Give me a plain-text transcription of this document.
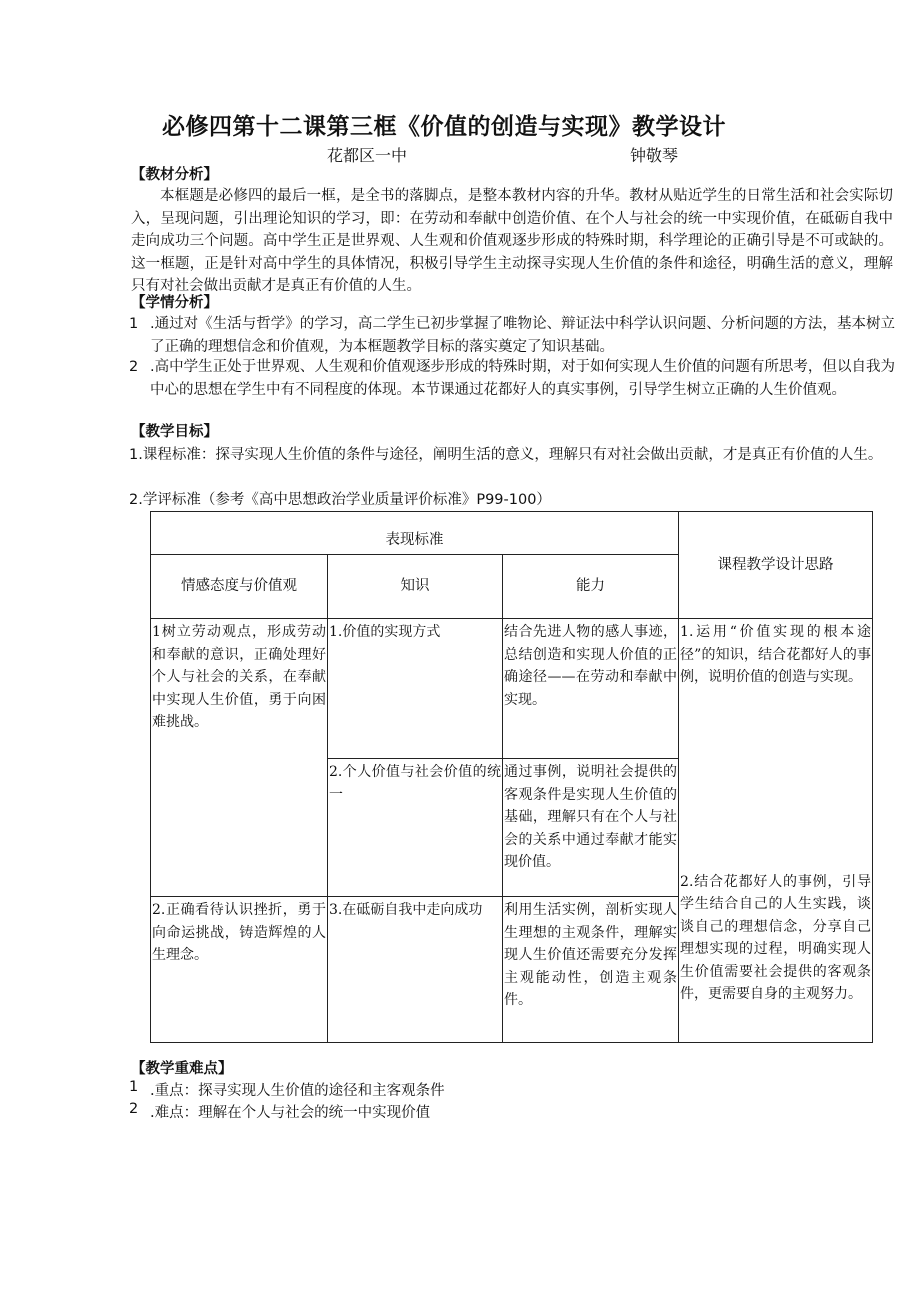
必修四第十二课第三框《价值的创造与实现》教学设计
花都区一中	钟敬琴
【教材分析】
本框题是必修四的最后一框，是全书的落脚点，是整本教材内容的升华。教材从贴近学生的日常生活和社会实际切入，呈现问题，引出理论知识的学习，即：在劳动和奉献中创造价值、在个人与社会的统一中实现价值，在砥砺自我中走向成功三个问题。高中学生正是世界观、人生观和价值观逐步形成的特殊时期，科学理论的正确引导是不可或缺的。这一框题，正是针对高中学生的具体情况，积极引导学生主动探寻实现人生价值的条件和途径，明确生活的意义，理解只有对社会做出贡献才是真正有价值的人生。
【学情分析】
1 .通过对《生活与哲学》的学习，高二学生已初步掌握了唯物论、辩证法中科学认识问题、分析问题的方法，基本树立了正确的理想信念和价值观，为本框题教学目标的落实奠定了知识基础。
2 .高中学生正处于世界观、人生观和价值观逐步形成的特殊时期，对于如何实现人生价值的问题有所思考，但以自我为中心的思想在学生中有不同程度的体现。本节课通过花都好人的真实事例，引导学生树立正确的人生价值观。
【教学目标】
1.课程标准：探寻实现人生价值的条件与途径，阐明生活的意义，理解只有对社会做出贡献，才是真正有价值的人生。
2.学评标准（参考《高中思想政治学业质量评价标准》P99-100）
表现标准			课程教学设计思路
情感态度与价值观	知识	能力	
1树立劳动观点，形成劳动和奉献的意识，正确处理好个人与社会的关系，在奉献中实现人生价值，勇于向困难挑战。	1.价值的实现方式	结合先进人物的感人事迹，总结创造和实现人价值的正确途径——在劳动和奉献中实现。	1.运用“价值实现的根本途径”的知识，结合花都好人的事例，说明价值的创造与实现。
	2.个人价值与社会价值的统一	通过事例，说明社会提供的客观条件是实现人生价值的基础，理解只有在个人与社会的关系中通过奉献才能实现价值。	
2.正确看待认识挫折，勇于向命运挑战，铸造辉煌的人生理念。	3.在砥砺自我中走向成功	利用生活实例，剖析实现人生理想的主观条件，理解实现人生价值还需要充分发挥主观能动性，创造主观条件。	2.结合花都好人的事例，引导学生结合自己的人生实践，谈谈自己的理想信念，分享自己理想实现的过程，明确实现人生价值需要社会提供的客观条件，更需要自身的主观努力。
【教学重难点】
1 .重点：探寻实现人生价值的途径和主客观条件
2 .难点：理解在个人与社会的统一中实现价值
